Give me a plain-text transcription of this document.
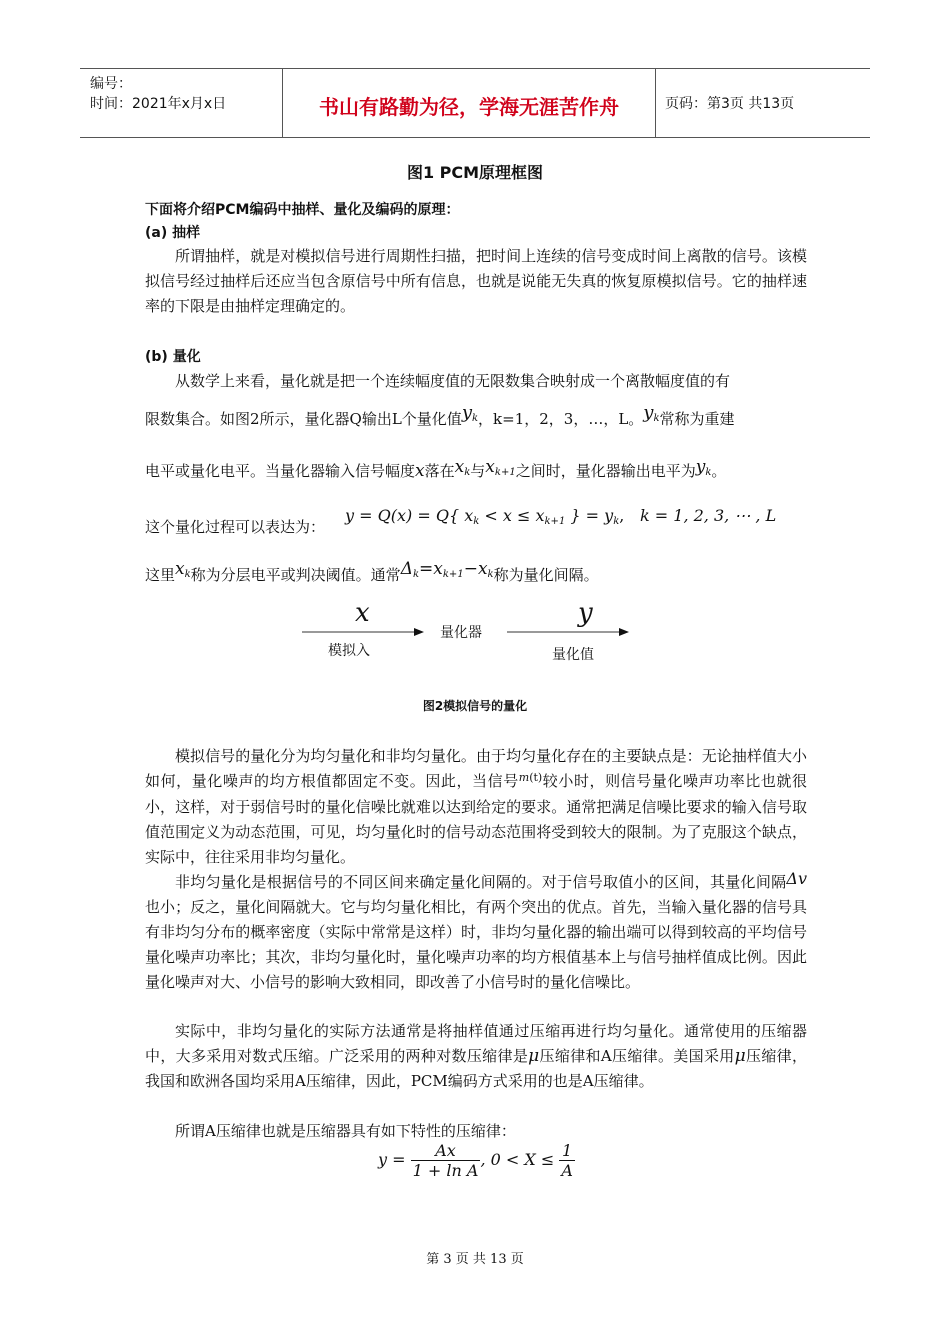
编号：
时间：2021年x月x日	书山有路勤为径，学海无涯苦作舟	页码：第3页 共13页
图1 PCM原理框图
下面将介绍PCM编码中抽样、量化及编码的原理：
(a) 抽样

所谓抽样，就是对模拟信号进行周期性扫描，把时间上连续的信号变成时间上离散的信号。该模拟信号经过抽样后还应当包含原信号中所有信息，也就是说能无失真的恢复原模拟信号。它的抽样速率的下限是由抽样定理确定的。

(b) 量化
从数学上来看，量化就是把一个连续幅度值的无限数集合映射成一个离散幅度值的有
限数集合。如图2所示，量化器Q输出L个量化值$y^k$，k=1，2，3，…，L。$y^k$常称为重建
电平或量化电平。当量化器输入信号幅度x落在$x_k$与$x_{k+1}$之间时，量化器输出电平为$y_k$。
这个量化过程可以表达为：
y = Q(x) = Q{ $x_k < x \le x_{k+1}$ } = $y_k$, k = 1, 2, 3, ⋯ , L
这里$x^k$称为分层电平或判决阈值。通常$\Delta^k=x^{k+1}-x^k$称为量化间隔。
x
模拟入
量化器
y
量化值
图2模拟信号的量化

模拟信号的量化分为均匀量化和非均匀量化。由于均匀量化存在的主要缺点是：无论抽样值大小如何，量化噪声的均方根值都固定不变。因此，当信号$^{m(t)}$较小时，则信号量化噪声功率比也就很小，这样，对于弱信号时的量化信噪比就难以达到给定的要求。通常把满足信噪比要求的输入信号取值范围定义为动态范围，可见，均匀量化时的信号动态范围将受到较大的限制。为了克服这个缺点，实际中，往往采用非均匀量化。

非均匀量化是根据信号的不同区间来确定量化间隔的。对于信号取值小的区间，其量化间隔Δv也小；反之，量化间隔就大。它与均匀量化相比，有两个突出的优点。首先，当输入量化器的信号具有非均匀分布的概率密度（实际中常常是这样）时，非均匀量化器的输出端可以得到较高的平均信号量化噪声功率比；其次，非均匀量化时，量化噪声功率的均方根值基本上与信号抽样值成比例。因此量化噪声对大、小信号的影响大致相同，即改善了小信号时的量化信噪比。

实际中，非均匀量化的实际方法通常是将抽样值通过压缩再进行均匀量化。通常使用的压缩器中，大多采用对数式压缩。广泛采用的两种对数压缩律是μ压缩律和A压缩律。美国采用μ压缩律，我国和欧洲各国均采用A压缩律，因此，PCM编码方式采用的也是A压缩律。

所谓A压缩律也就是压缩器具有如下特性的压缩律：

$y = \frac{Ax}{\text{1 + ln A}}$ , $0 < X \le \frac{1}{A}$
第 3 页 共 13 页
